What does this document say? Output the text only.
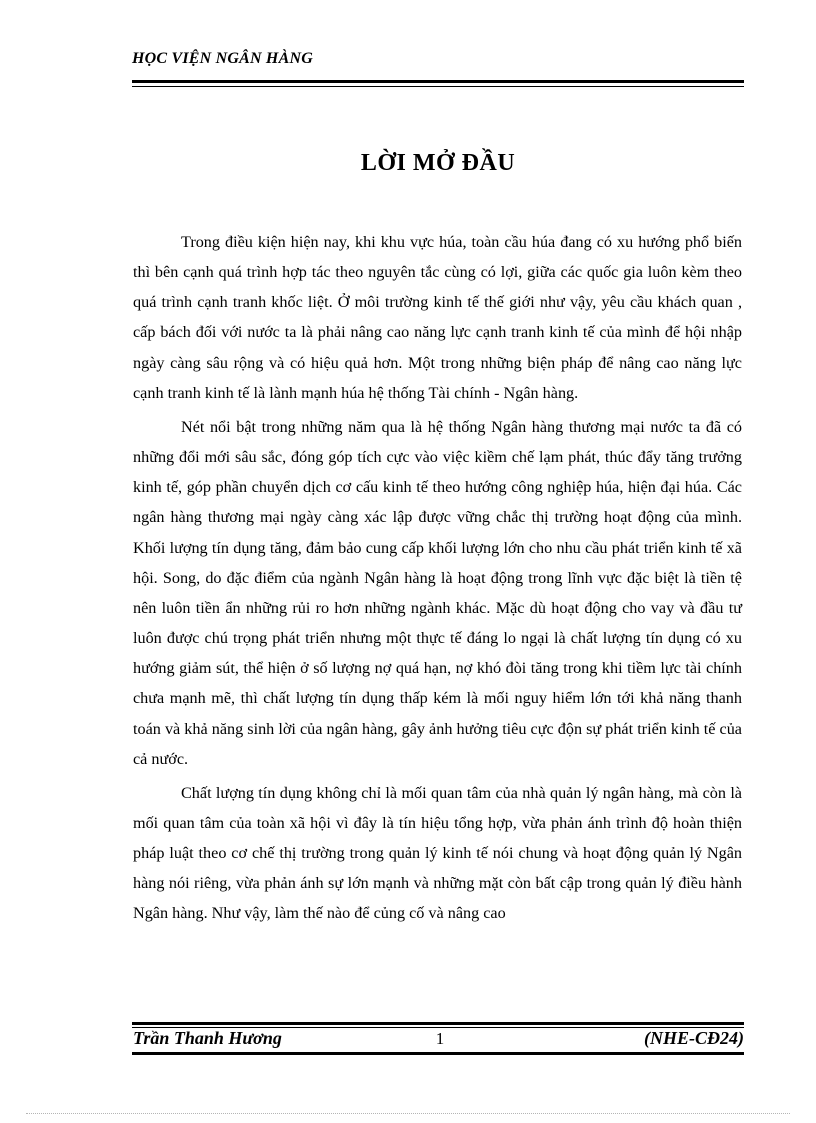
HỌC VIỆN NGÂN HÀNG
LỜI MỞ ĐẦU

Trong điều kiện hiện nay, khi khu vực húa, toàn cầu húa đang có xu hướng phổ biến thì bên cạnh quá trình hợp tác theo nguyên tắc cùng có lợi, giữa các quốc gia luôn kèm theo quá trình cạnh tranh khốc liệt. Ở môi trường kinh tế thế giới như vậy, yêu cầu khách quan , cấp bách đối với nước ta là phải nâng cao năng lực cạnh tranh kinh tế của mình để hội nhập ngày càng sâu rộng và có hiệu quả hơn. Một trong những biện pháp để nâng cao năng lực cạnh tranh kinh tế là lành mạnh húa hệ thống Tài chính - Ngân hàng.

Nét nổi bật trong những năm qua là hệ thống Ngân hàng thương mại nước ta đã có những đổi mới sâu sắc, đóng góp tích cực vào việc kiềm chế lạm phát, thúc đẩy tăng trưởng kinh tế, góp phần chuyển dịch cơ cấu kinh tế theo hướng công nghiệp húa, hiện đại húa. Các ngân hàng thương mại ngày càng xác lập được vững chắc thị trường hoạt động của mình. Khối lượng tín dụng tăng, đảm bảo cung cấp khối lượng lớn cho nhu cầu phát triển kinh tế xã hội. Song, do đặc điểm của ngành Ngân hàng là hoạt động trong lĩnh vực đặc biệt là tiền tệ nên luôn tiền ẩn những rủi ro hơn những ngành khác. Mặc dù hoạt động cho vay và đầu tư luôn được chú trọng phát triển nhưng một thực tế đáng lo ngại là chất lượng tín dụng có xu hướng giảm sút, thể hiện ở số lượng nợ quá hạn, nợ khó đòi tăng trong khi tiềm lực tài chính chưa mạnh mẽ, thì chất lượng tín dụng thấp kém là mối nguy hiểm lớn tới khả năng thanh toán và khả năng sinh lời của ngân hàng, gây ảnh hưởng tiêu cực độn sự phát triển kinh tế của cả nước.

Chất lượng tín dụng không chỉ là mối quan tâm của nhà quản lý ngân hàng, mà còn là mối quan tâm của toàn xã hội vì đây là tín hiệu tổng hợp, vừa phản ánh trình độ hoàn thiện pháp luật theo cơ chế thị trường trong quản lý kinh tế nói chung và hoạt động quản lý Ngân hàng nói riêng, vừa phản ánh sự lớn mạnh và những mặt còn bất cập trong quản lý điều hành Ngân hàng. Như vậy, làm thế nào để củng cố và nâng cao

Trần Thanh Hương	1	(NHE-CĐ24)
